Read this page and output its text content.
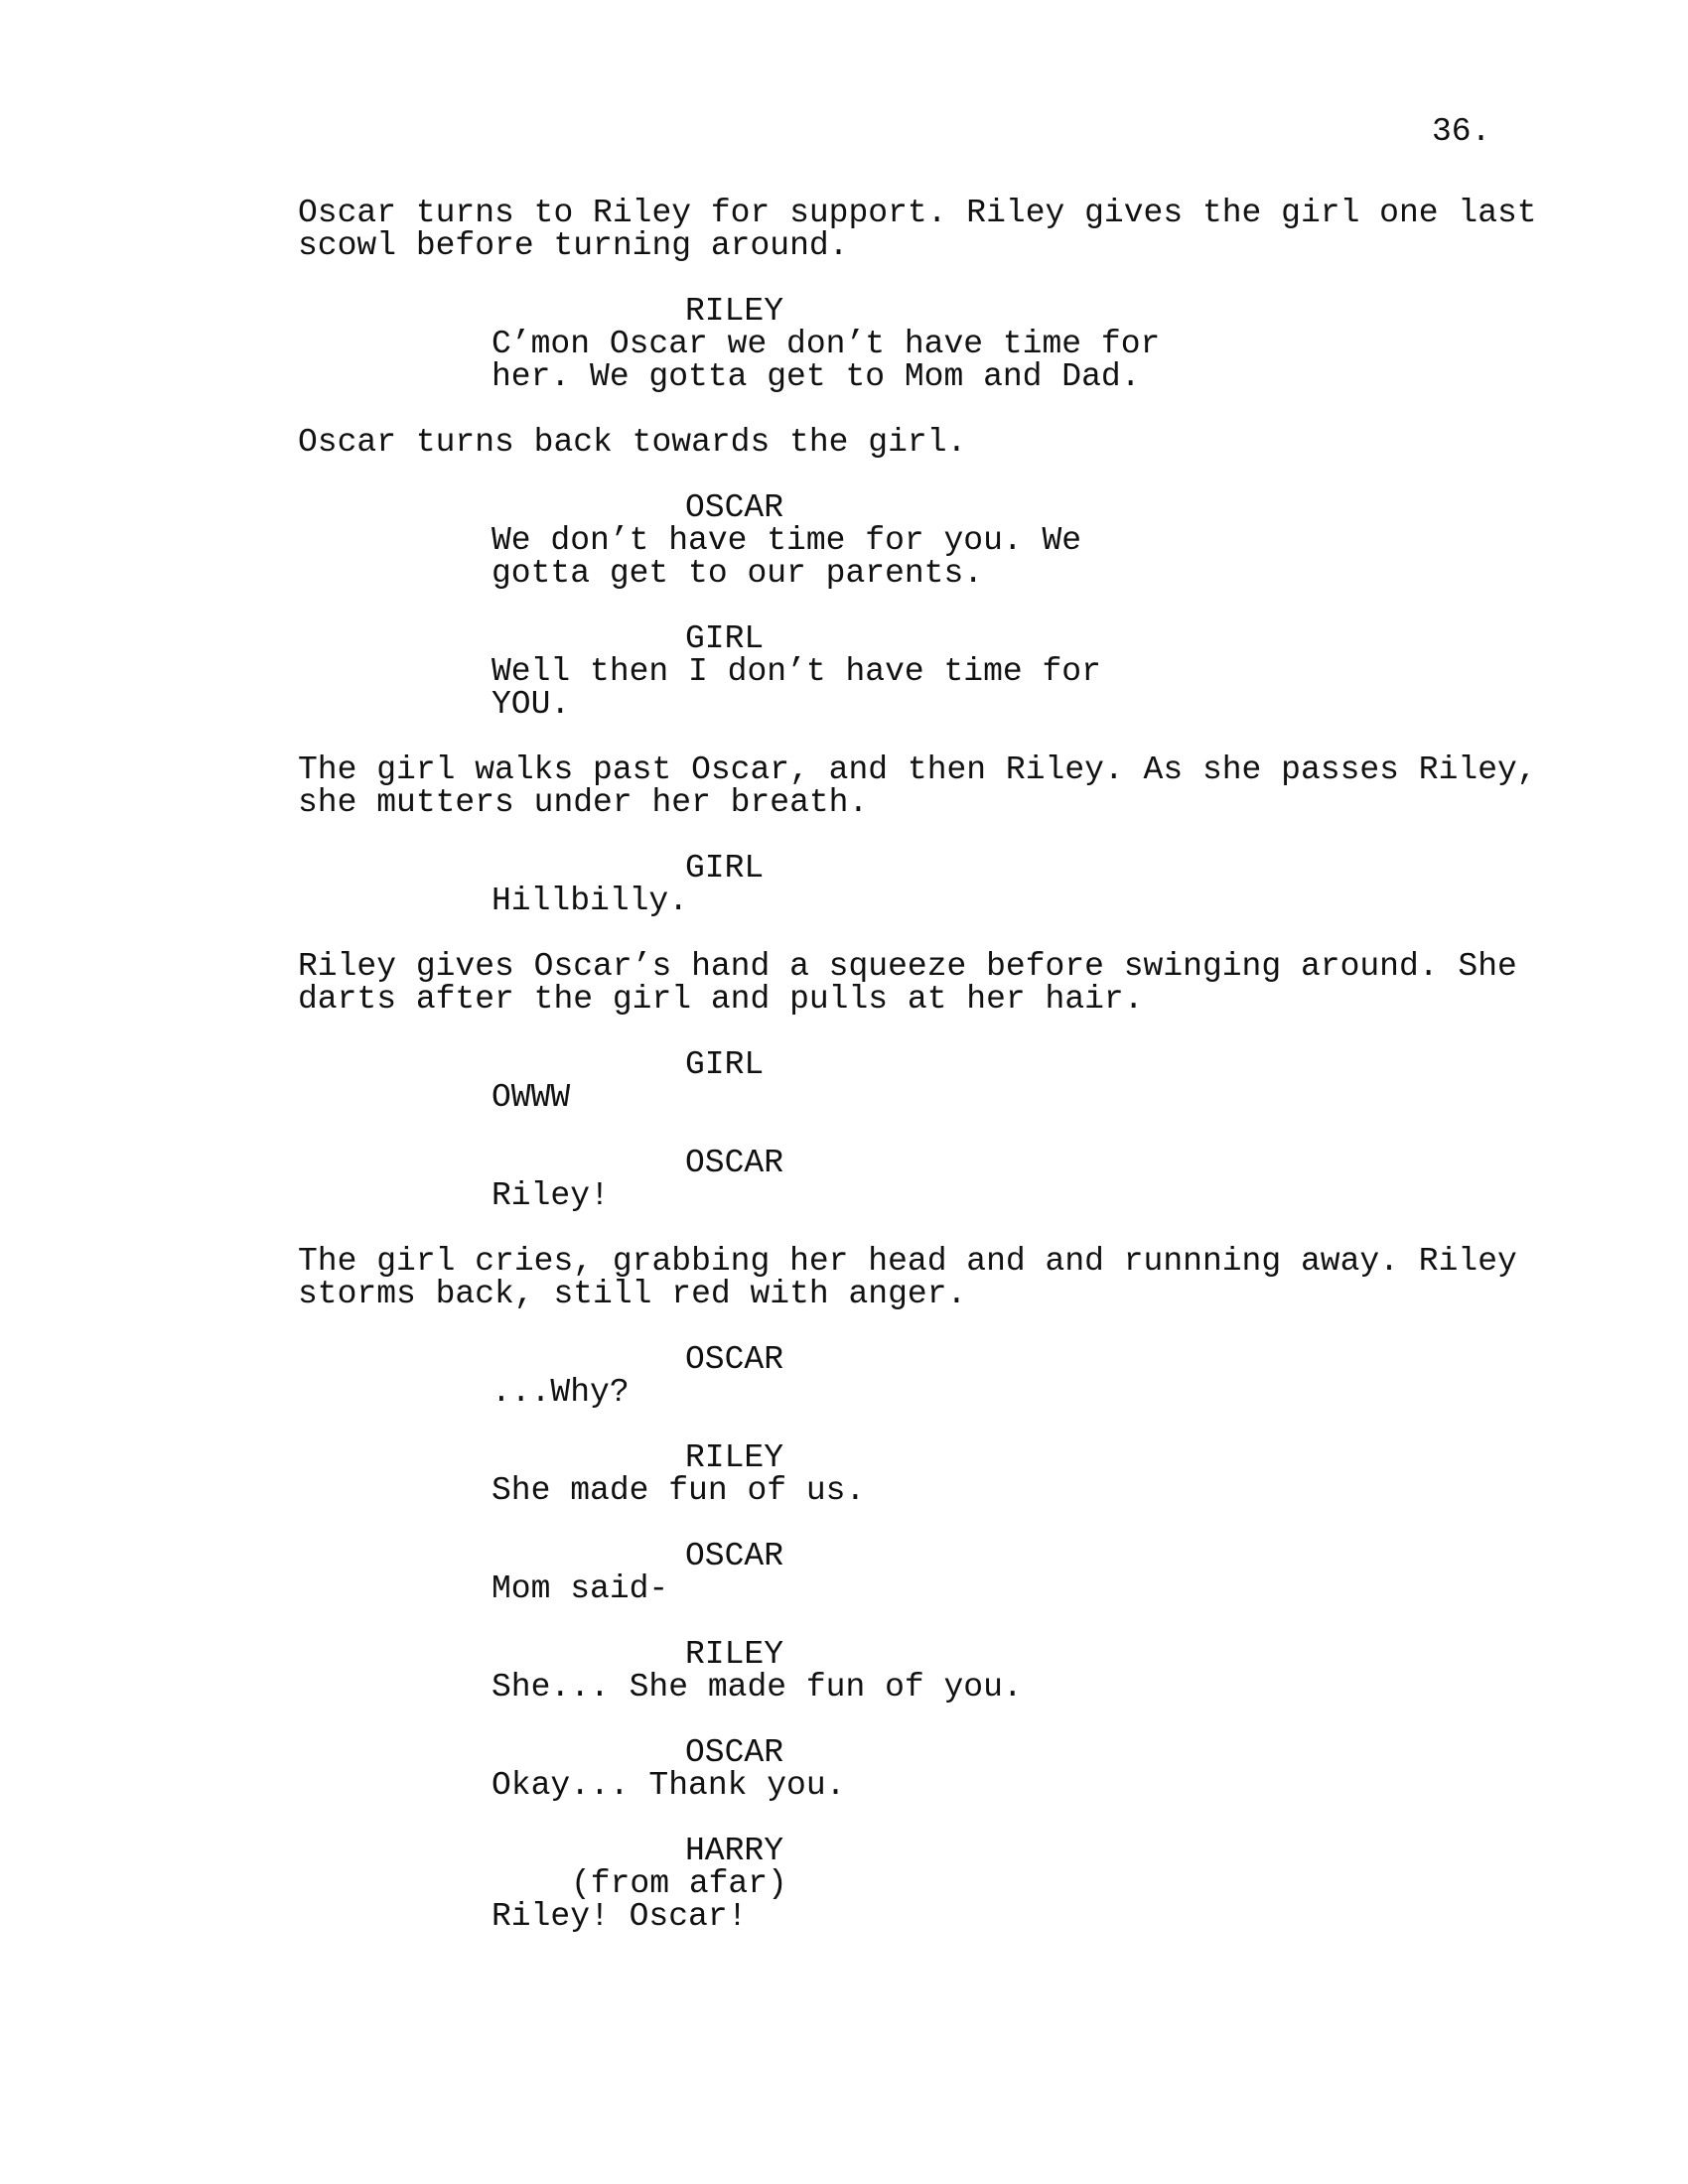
36.
Oscar turns to Riley for support. Riley gives the girl one last
scowl before turning around.
RILEY
C’mon Oscar we don’t have time for
her. We gotta get to Mom and Dad.
Oscar turns back towards the girl.
OSCAR
We don’t have time for you. We
gotta get to our parents.
GIRL
Well then I don’t have time for
YOU.
The girl walks past Oscar, and then Riley. As she passes Riley,
she mutters under her breath.
GIRL
Hillbilly.
Riley gives Oscar’s hand a squeeze before swinging around. She
darts after the girl and pulls at her hair.
GIRL
OWWW
OSCAR
Riley!
The girl cries, grabbing her head and and runnning away. Riley
storms back, still red with anger.
OSCAR
...Why?
RILEY
She made fun of us.
OSCAR
Mom said-
RILEY
She... She made fun of you.
OSCAR
Okay... Thank you.
HARRY
(from afar)
Riley! Oscar!
